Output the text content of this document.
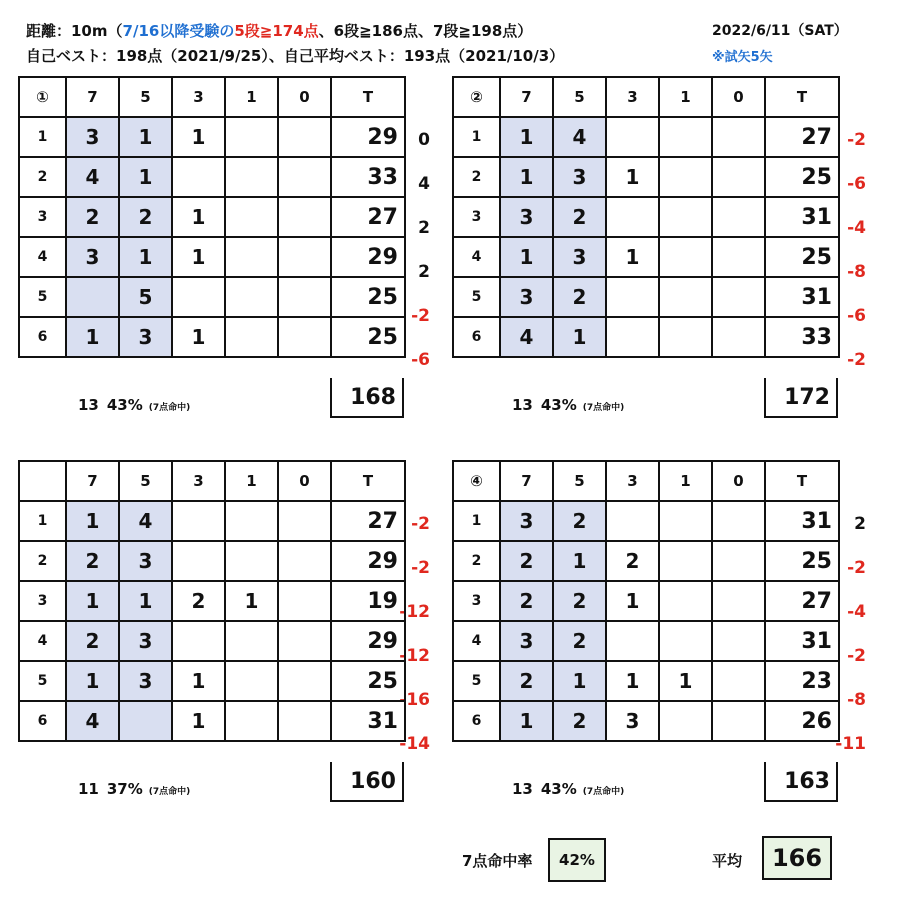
距離：10m（7/16以降受験の5段≧174点、6段≧186点、7段≧198点）
自己ベスト：198点（2021/9/25）、自己平均ベスト：193点（2021/10/3）
2022/6/11（SAT）
※試矢5矢
0
4
2
2
-2
-6
①	7	5	3	1	0	T
1	3	1	1			29
2	4	1				33
3	2	2	1			27
4	3	1	1			29
5		5				25
6	1	3	1			25
13 43% (7点命中)	168
-2
-6
-4
-8
-6
-2
②	7	5	3	1	0	T
1	1	4				27
2	1	3	1			25
3	3	2				31
4	1	3	1			25
5	3	2				31
6	4	1				33
13 43% (7点命中)	172
-2
-2
-12
-12
-16
-14
	7	5	3	1	0	T
1	1	4				27
2	2	3				29
3	1	1	2	1		19
4	2	3				29
5	1	3	1			25
6	4		1			31
11 37% (7点命中)	160
2
-2
-4
-2
-8
-11
④	7	5	3	1	0	T
1	3	2				31
2	2	1	2			25
3	2	2	1			27
4	3	2				31
5	2	1	1	1		23
6	1	2	3			26
13 43% (7点命中)	163
7点命中率	42%	平均	166
